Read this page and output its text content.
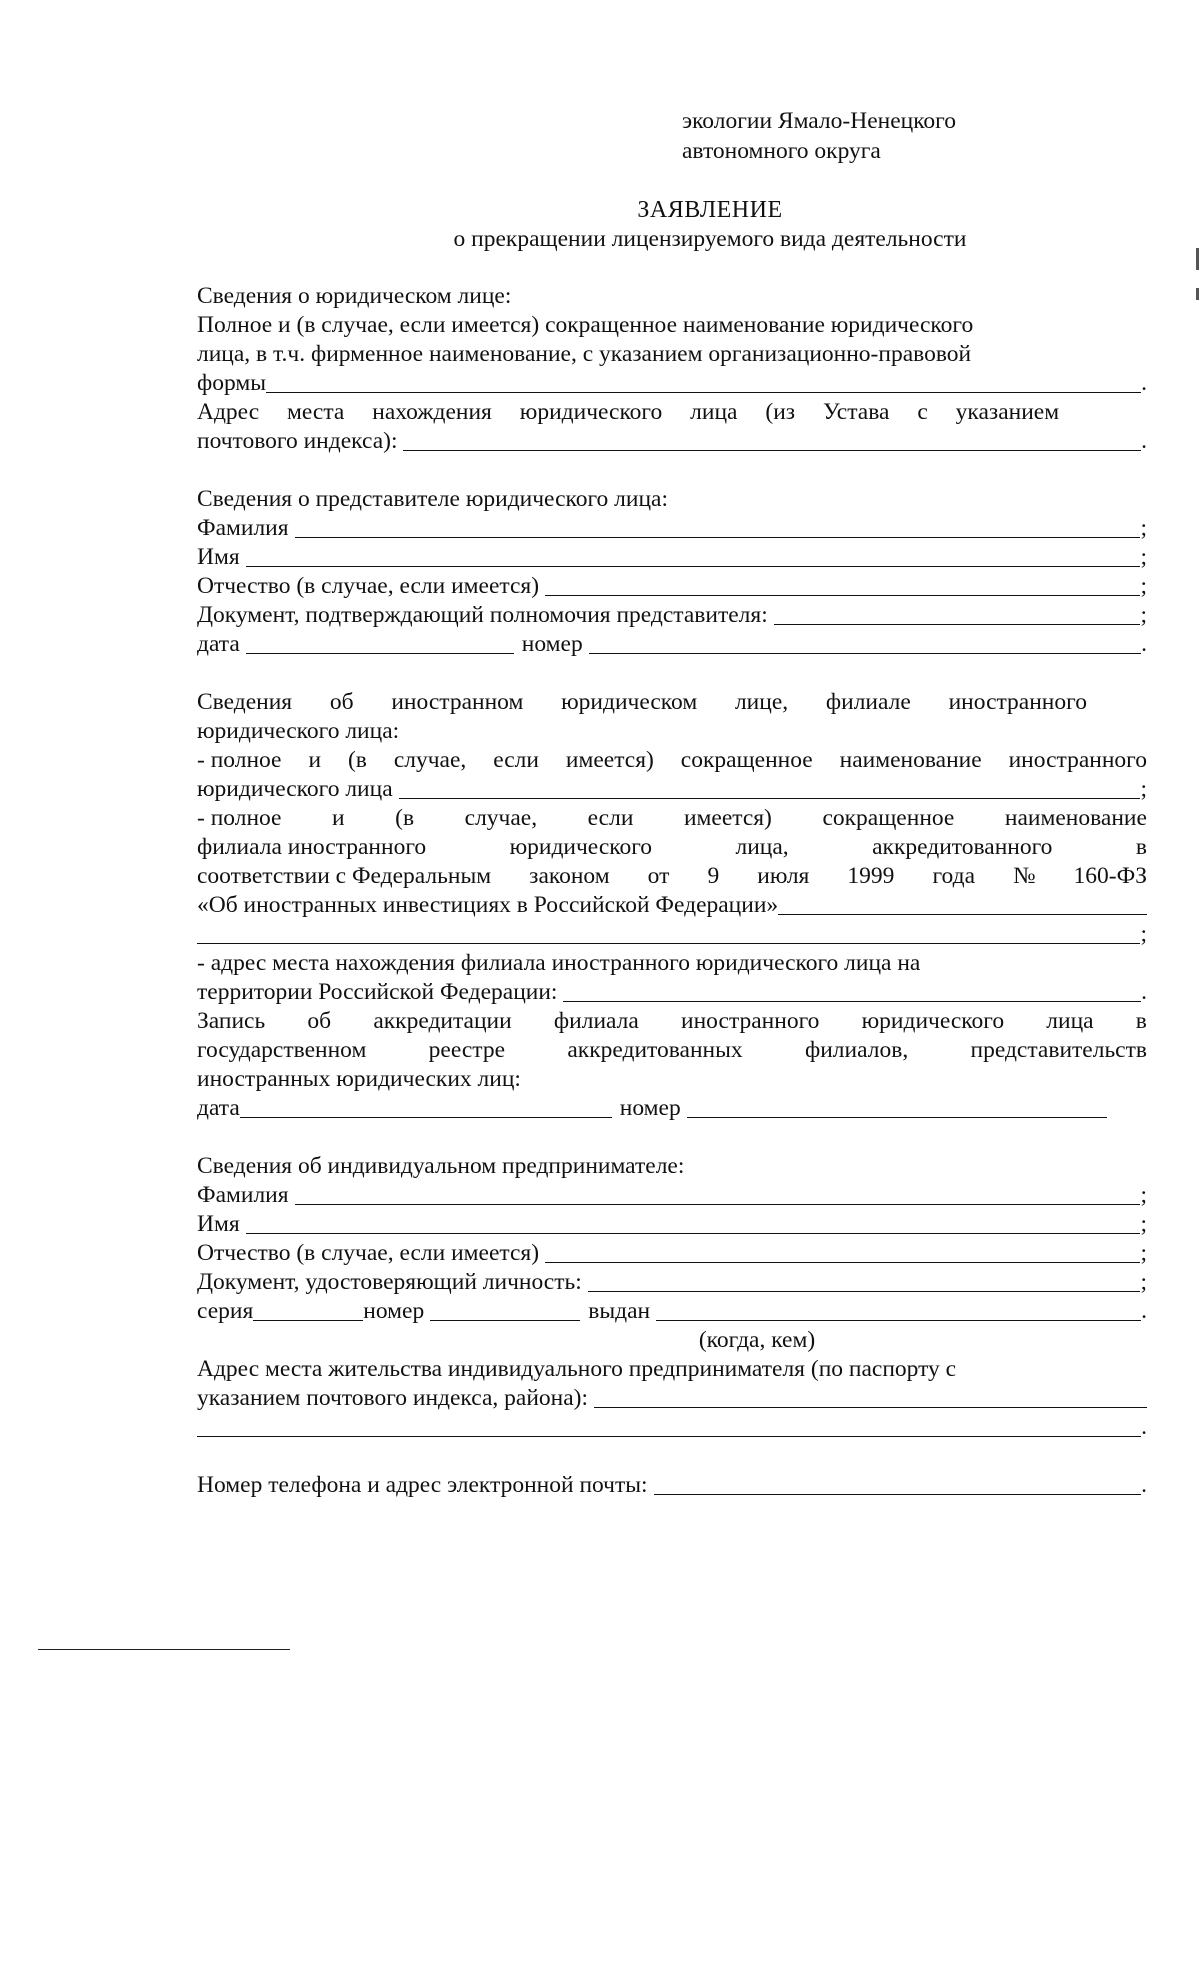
экологии Ямало-Ненецкого
автономного округа
ЗАЯВЛЕНИЕ
о прекращении лицензируемого вида деятельности
Сведения о юридическом лице:
Полное и (в случае, если имеется) сокращенное наименование юридического
лица, в т.ч. фирменное наименование, с указанием организационно-правовой
формы	.
Адрес места нахождения юридического лица (из Устава с указанием
почтового индекса):	.
Сведения о представителе юридического лица:
Фамилия	;
Имя	;
Отчество (в случае, если имеется)	;
Документ, подтверждающий полномочия представителя:	;
дата	номер	.
Сведения об иностранном юридическом лице, филиале иностранного
юридического лица:
- полное и (в случае, если имеется) сокращенное наименование иностранного
юридического лица	;
- полное и (в случае, если имеется) сокращенное наименование
филиала иностранного	юридического	лица,	аккредитованного	в
соответствии с Федеральным законом от 9 июля 1999 года № 160-ФЗ
«Об иностранных инвестициях в Российской Федерации»
;
- адрес места нахождения филиала иностранного юридического лица на
территории Российской Федерации:	.
Запись об аккредитации филиала иностранного юридического лица в
государственном	реестре	аккредитованных	филиалов,	представительств
иностранных юридических лиц:
дата	номер
Сведения об индивидуальном предпринимателе:
Фамилия	;
Имя	;
Отчество (в случае, если имеется)	;
Документ, удостоверяющий личность:	;
серия	номер	выдан	.
(когда, кем)
Адрес места жительства индивидуального предпринимателя (по паспорту с
указанием почтового индекса, района):
.
Номер телефона и адрес электронной почты:	.
